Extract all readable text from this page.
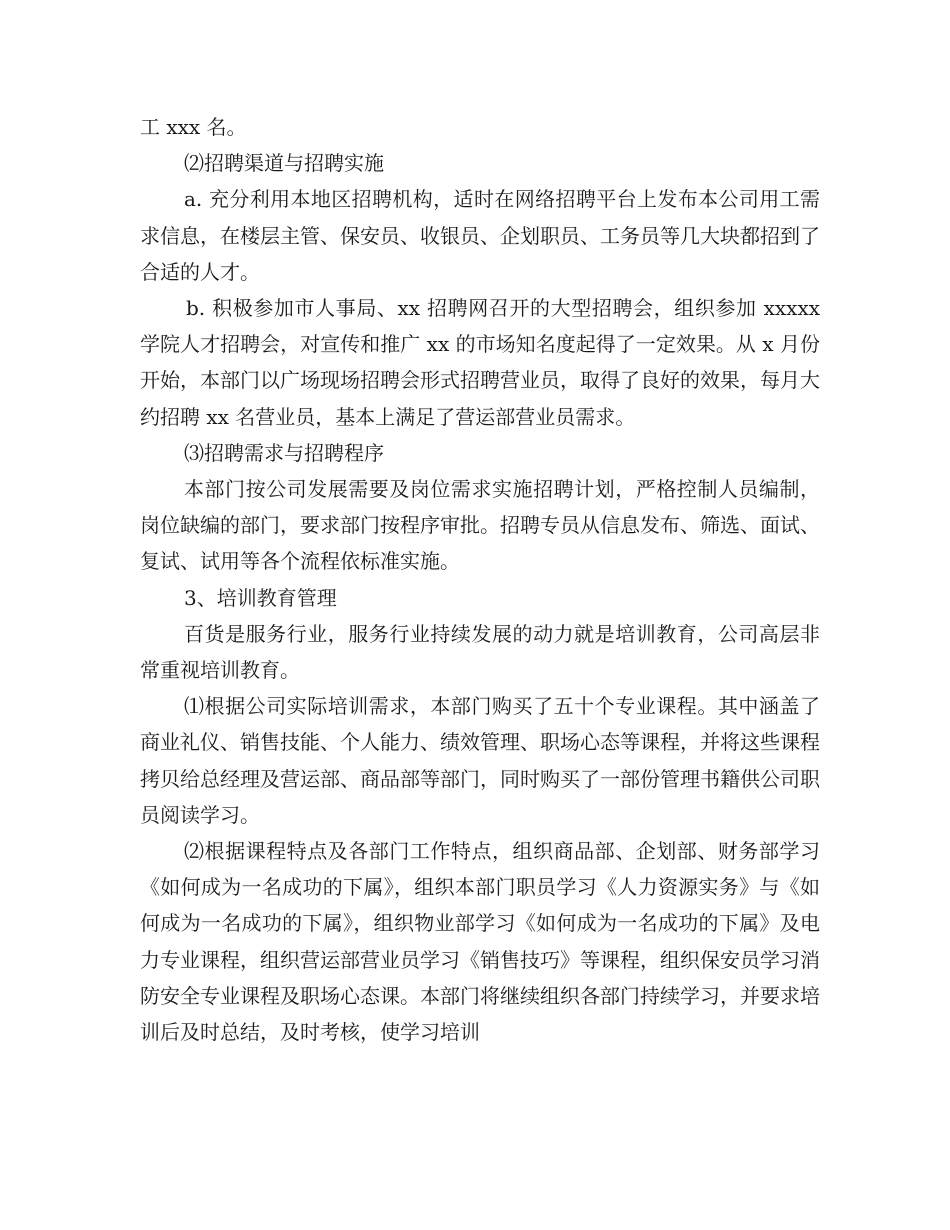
工 xxx 名。

⑵招聘渠道与招聘实施

a. 充分利用本地区招聘机构，适时在网络招聘平台上发布本公司用工需求信息，在楼层主管、保安员、收银员、企划职员、工务员等几大块都招到了合适的人才。

b. 积极参加市人事局、xx 招聘网召开的大型招聘会，组织参加 xxxxx 学院人才招聘会，对宣传和推广 xx 的市场知名度起得了一定效果。从 x 月份开始，本部门以广场现场招聘会形式招聘营业员，取得了良好的效果，每月大约招聘 xx 名营业员，基本上满足了营运部营业员需求。

⑶招聘需求与招聘程序

本部门按公司发展需要及岗位需求实施招聘计划，严格控制人员编制，岗位缺编的部门，要求部门按程序审批。招聘专员从信息发布、筛选、面试、复试、试用等各个流程依标准实施。

3、培训教育管理

百货是服务行业，服务行业持续发展的动力就是培训教育，公司高层非常重视培训教育。

⑴根据公司实际培训需求，本部门购买了五十个专业课程。其中涵盖了商业礼仪、销售技能、个人能力、绩效管理、职场心态等课程，并将这些课程拷贝给总经理及营运部、商品部等部门，同时购买了一部份管理书籍供公司职员阅读学习。

⑵根据课程特点及各部门工作特点，组织商品部、企划部、财务部学习《如何成为一名成功的下属》，组织本部门职员学习《人力资源实务》与《如何成为一名成功的下属》，组织物业部学习《如何成为一名成功的下属》及电力专业课程，组织营运部营业员学习《销售技巧》等课程，组织保安员学习消防安全专业课程及职场心态课。本部门将继续组织各部门持续学习，并要求培训后及时总结，及时考核，使学习培训
